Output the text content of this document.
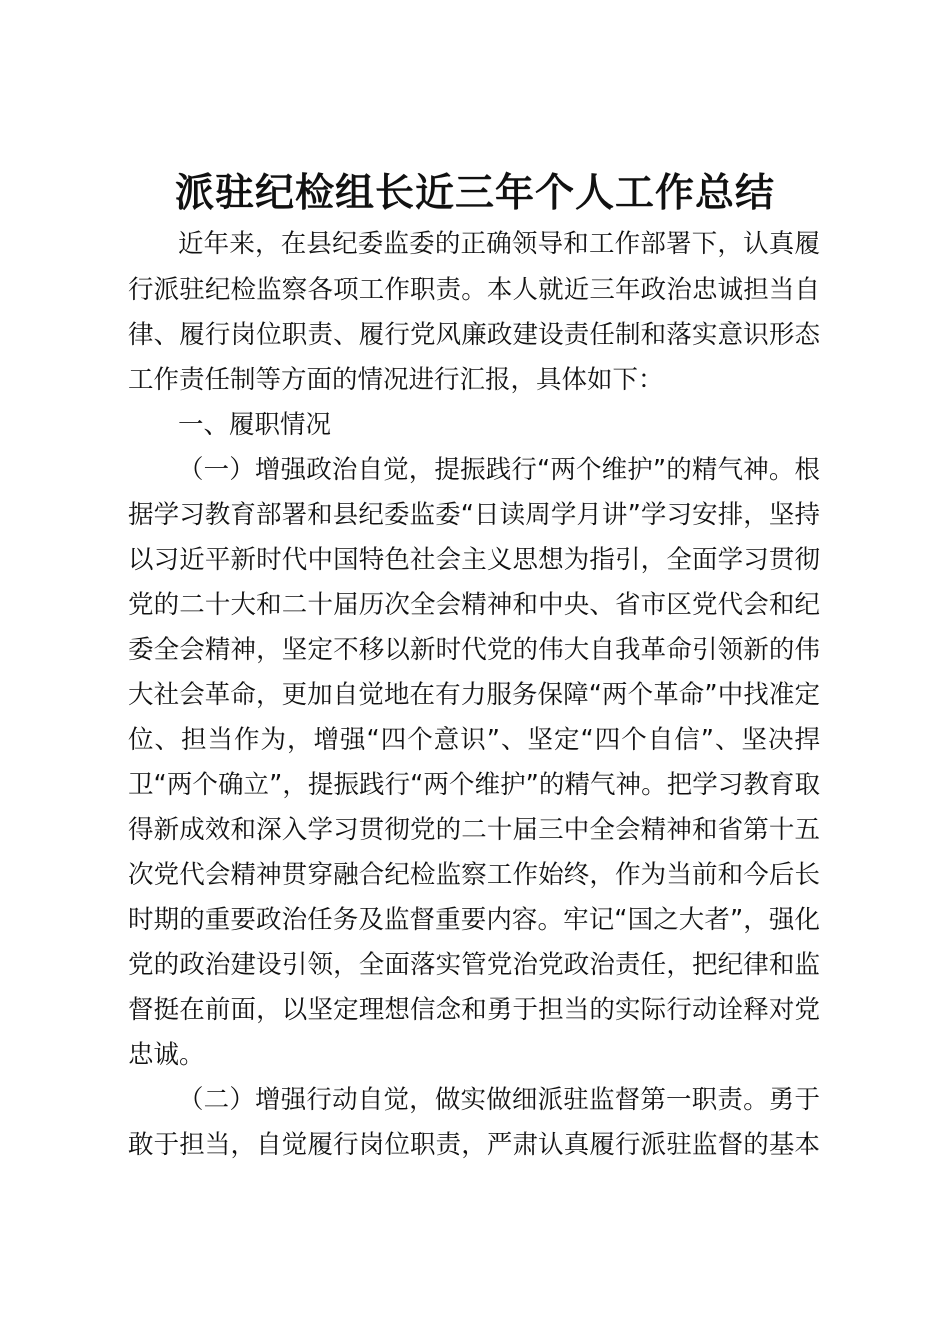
派驻纪检组长近三年个人工作总结
近年来，在县纪委监委的正确领导和工作部署下，认真履
行派驻纪检监察各项工作职责。本人就近三年政治忠诚担当自
律、履行岗位职责、履行党风廉政建设责任制和落实意识形态
工作责任制等方面的情况进行汇报，具体如下：
一、履职情况
（一）增强政治自觉，提振践行“两个维护”的精气神。根
据学习教育部署和县纪委监委“日读周学月讲”学习安排，坚持
以习近平新时代中国特色社会主义思想为指引，全面学习贯彻
党的二十大和二十届历次全会精神和中央、省市区党代会和纪
委全会精神，坚定不移以新时代党的伟大自我革命引领新的伟
大社会革命，更加自觉地在有力服务保障“两个革命”中找准定
位、担当作为，增强“四个意识”、坚定“四个自信”、坚决捍
卫“两个确立”，提振践行“两个维护”的精气神。把学习教育取
得新成效和深入学习贯彻党的二十届三中全会精神和省第十五
次党代会精神贯穿融合纪检监察工作始终，作为当前和今后长
时期的重要政治任务及监督重要内容。牢记“国之大者”，强化
党的政治建设引领，全面落实管党治党政治责任，把纪律和监
督挺在前面，以坚定理想信念和勇于担当的实际行动诠释对党
忠诚。
（二）增强行动自觉，做实做细派驻监督第一职责。勇于
敢于担当，自觉履行岗位职责，严肃认真履行派驻监督的基本
